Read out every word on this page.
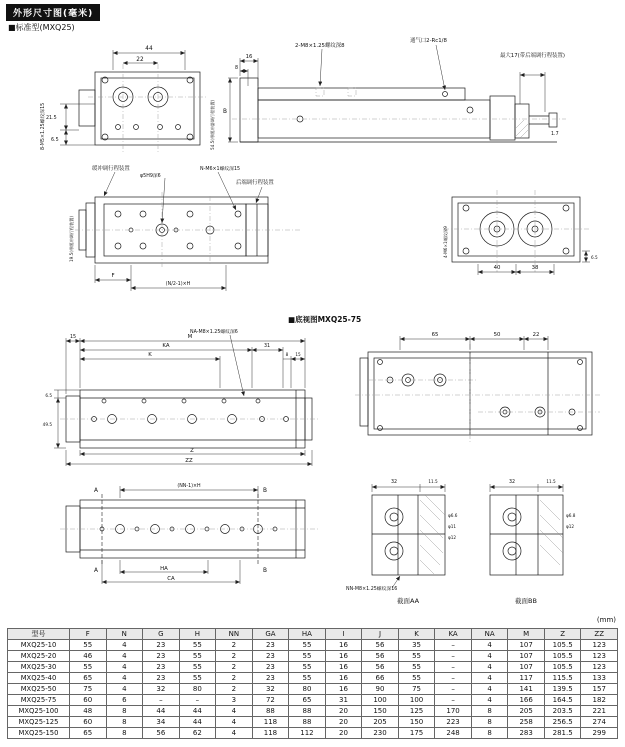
外形尺寸图(毫米)
■标准型(MXQ25)
■底视图MXQ25-75
(mm)
44
22
21.5
6.5
8-M5×1.25螺纹深15	54.5(带缓冲器调行程装置)
2-M8×1.25螺纹深8
通气口2-Rc1/8
最大17(带后端调行程装置)
16
8
B
1.7
缓冲调行程装置
φ5H9深6
N-M6×1螺纹深15
后端调行程装置
19.5(带缓冲调行程装置)
F
(N/2-1)×H
40	38
6.5
4-M6×1螺纹深9
15	M
31
KA
K	8 15
NA-M8×1.25螺纹深6
6.5
49.5
Z
ZZ
65	50	22
(NN-1)×H
A
A
B
B
HA
CA
32	11.5
φ6.6
φ11
φ12
NN-M8×1.25螺纹深16
截面AA
32	11.5
φ6.8
φ12
截面BB
型号	F	N	G	H	NN	GA	HA	I	J	K	KA	NA	M	Z	ZZ
MXQ25-10	55	4	23	55	2	23	55	16	56	35	–	4	107	105.5	123
MXQ25-20	46	4	23	55	2	23	55	16	56	55	–	4	107	105.5	123
MXQ25-30	55	4	23	55	2	23	55	16	56	55	–	4	107	105.5	123
MXQ25-40	65	4	23	55	2	23	55	16	66	55	–	4	117	115.5	133
MXQ25-50	75	4	32	80	2	32	80	16	90	75	–	4	141	139.5	157
MXQ25-75	60	6	–	–	3	72	65	31	100	100	–	4	166	164.5	182
MXQ25-100	48	8	44	44	4	88	88	20	150	125	170	8	205	203.5	221
MXQ25-125	60	8	34	44	4	118	88	20	205	150	223	8	258	256.5	274
MXQ25-150	65	8	56	62	4	118	112	20	230	175	248	8	283	281.5	299
